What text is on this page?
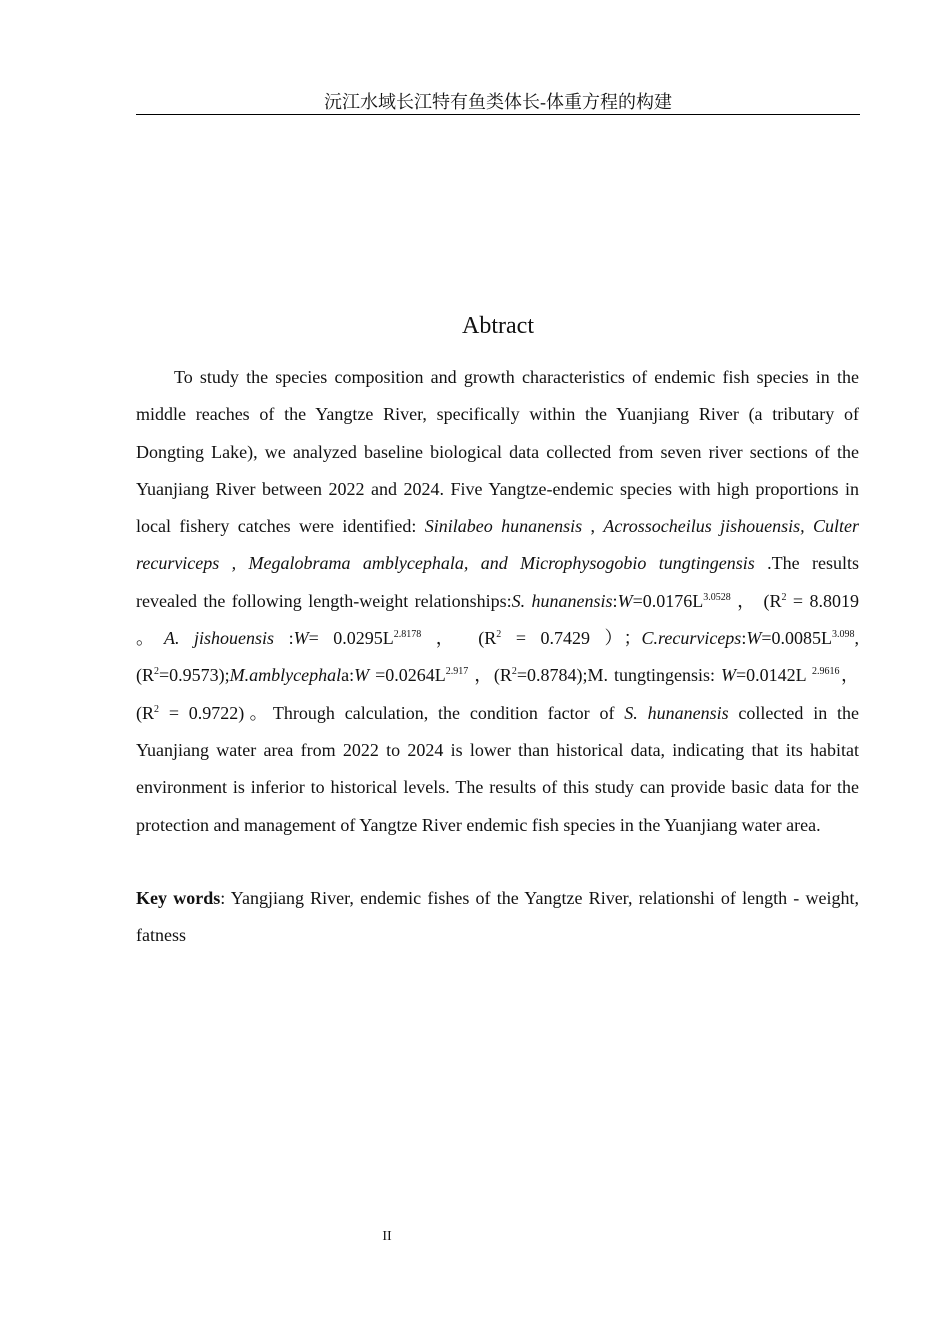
沅江水域长江特有鱼类体长-体重方程的构建
Abtract

To study the species composition and growth characteristics of endemic fish species in the middle reaches of the Yangtze River, specifically within the Yuanjiang River (a tributary of Dongting Lake), we analyzed baseline biological data collected from seven river sections of the Yuanjiang River between 2022 and 2024. Five Yangtze-endemic species with high proportions in local fishery catches were identified: Sinilabeo hunanensis , Acrossocheilus jishouensis, Culter recurviceps , Megalobrama amblycephala, and Microphysogobio tungtingensis .The results revealed the following length-weight relationships:S. $hunanensis:W=0.0176L^{3.0528}$ ， ($R^2 = 8.8019$ 。A. jishouensis :W= $0.0295L^{2.8178}$ ， ($R^2 = 0.7429$ ）；$C.recurviceps:W=0.0085L^{3.098},(R^2=0.9573);M.amblycephala:W =0.0264L^{2.917}$ ，$(R^2=0.8784);M$. tungtingensis: W=0.0142L $^{2.9616}$， $(R^2 = 0.9722)$。Through calculation, the condition factor of S. hunanensis collected in the Yuanjiang water area from 2022 to 2024 is lower than historical data, indicating that its habitat environment is inferior to historical levels. The results of this study can provide basic data for the protection and management of Yangtze River endemic fish species in the Yuanjiang water area.

Key words: Yangjiang River, endemic fishes of the Yangtze River, relationshi of length - weight, fatness

II
